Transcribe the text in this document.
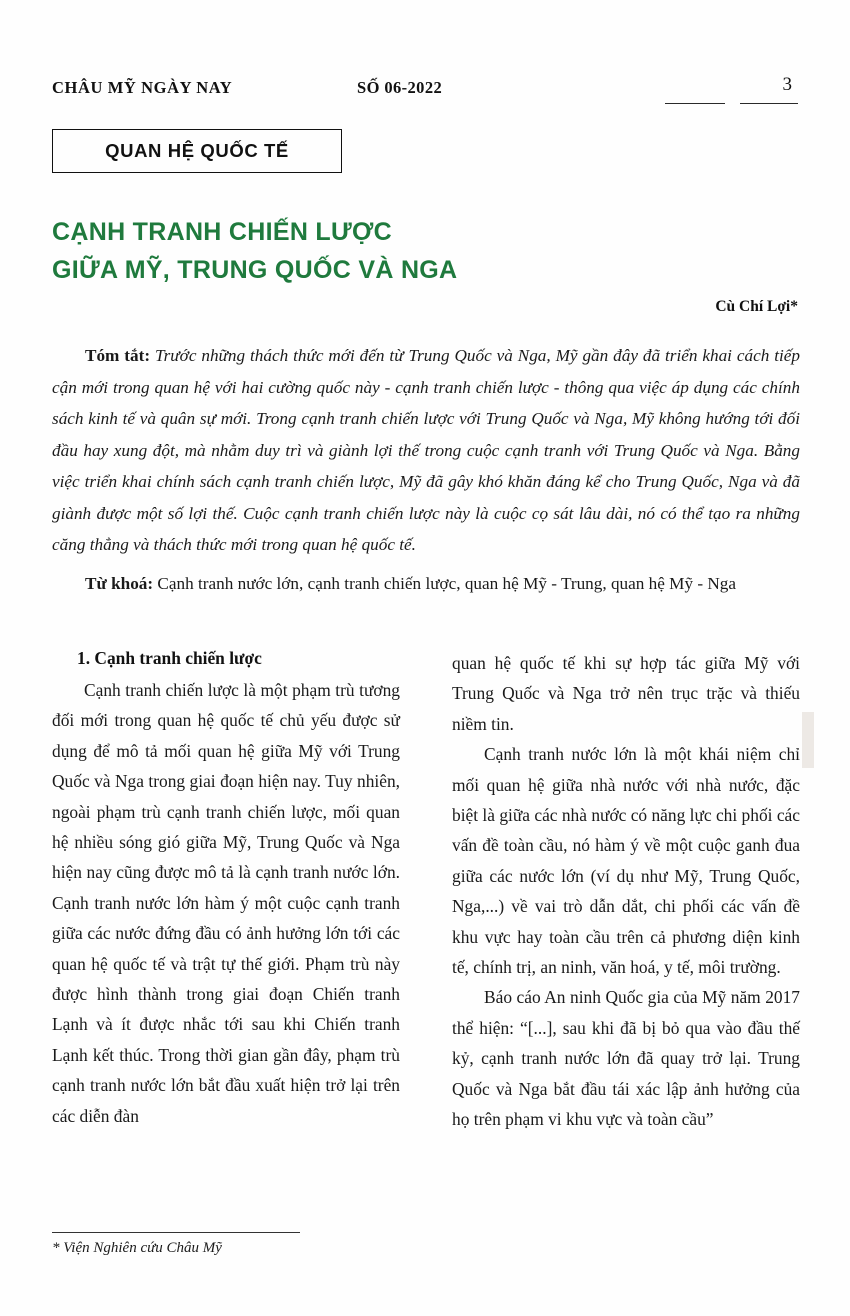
CHÂU MỸ NGÀY NAY	SỐ 06-2022	3
QUAN HỆ QUỐC TẾ
CẠNH TRANH CHIẾN LƯỢC
GIỮA MỸ, TRUNG QUỐC VÀ NGA
Cù Chí Lợi*
Tóm tắt: Trước những thách thức mới đến từ Trung Quốc và Nga, Mỹ gần đây đã triển khai cách tiếp cận mới trong quan hệ với hai cường quốc này - cạnh tranh chiến lược - thông qua việc áp dụng các chính sách kinh tế và quân sự mới. Trong cạnh tranh chiến lược với Trung Quốc và Nga, Mỹ không hướng tới đối đầu hay xung đột, mà nhằm duy trì và giành lợi thế trong cuộc cạnh tranh với Trung Quốc và Nga. Bằng việc triển khai chính sách cạnh tranh chiến lược, Mỹ đã gây khó khăn đáng kể cho Trung Quốc, Nga và đã giành được một số lợi thế. Cuộc cạnh tranh chiến lược này là cuộc cọ sát lâu dài, nó có thể tạo ra những căng thẳng và thách thức mới trong quan hệ quốc tế.
Từ khoá: Cạnh tranh nước lớn, cạnh tranh chiến lược, quan hệ Mỹ - Trung, quan hệ Mỹ - Nga
1. Cạnh tranh chiến lược

Cạnh tranh chiến lược là một phạm trù tương đối mới trong quan hệ quốc tế chủ yếu được sử dụng để mô tả mối quan hệ giữa Mỹ với Trung Quốc và Nga trong giai đoạn hiện nay. Tuy nhiên, ngoài phạm trù cạnh tranh chiến lược, mối quan hệ nhiều sóng gió giữa Mỹ, Trung Quốc và Nga hiện nay cũng được mô tả là cạnh tranh nước lớn. Cạnh tranh nước lớn hàm ý một cuộc cạnh tranh giữa các nước đứng đầu có ảnh hưởng lớn tới các quan hệ quốc tế và trật tự thế giới. Phạm trù này được hình thành trong giai đoạn Chiến tranh Lạnh và ít được nhắc tới sau khi Chiến tranh Lạnh kết thúc. Trong thời gian gần đây, phạm trù cạnh tranh nước lớn bắt đầu xuất hiện trở lại trên các diễn đàn

quan hệ quốc tế khi sự hợp tác giữa Mỹ với Trung Quốc và Nga trở nên trục trặc và thiếu niềm tin.

Cạnh tranh nước lớn là một khái niệm chỉ mối quan hệ giữa nhà nước với nhà nước, đặc biệt là giữa các nhà nước có năng lực chi phối các vấn đề toàn cầu, nó hàm ý về một cuộc ganh đua giữa các nước lớn (ví dụ như Mỹ, Trung Quốc, Nga,...) về vai trò dẫn dắt, chi phối các vấn đề khu vực hay toàn cầu trên cả phương diện kinh tế, chính trị, an ninh, văn hoá, y tế, môi trường.

Báo cáo An ninh Quốc gia của Mỹ năm 2017 thể hiện: “[...], sau khi đã bị bỏ qua vào đầu thế kỷ, cạnh tranh nước lớn đã quay trở lại. Trung Quốc và Nga bắt đầu tái xác lập ảnh hưởng của họ trên phạm vi khu vực và toàn cầu”

* Viện Nghiên cứu Châu Mỹ
